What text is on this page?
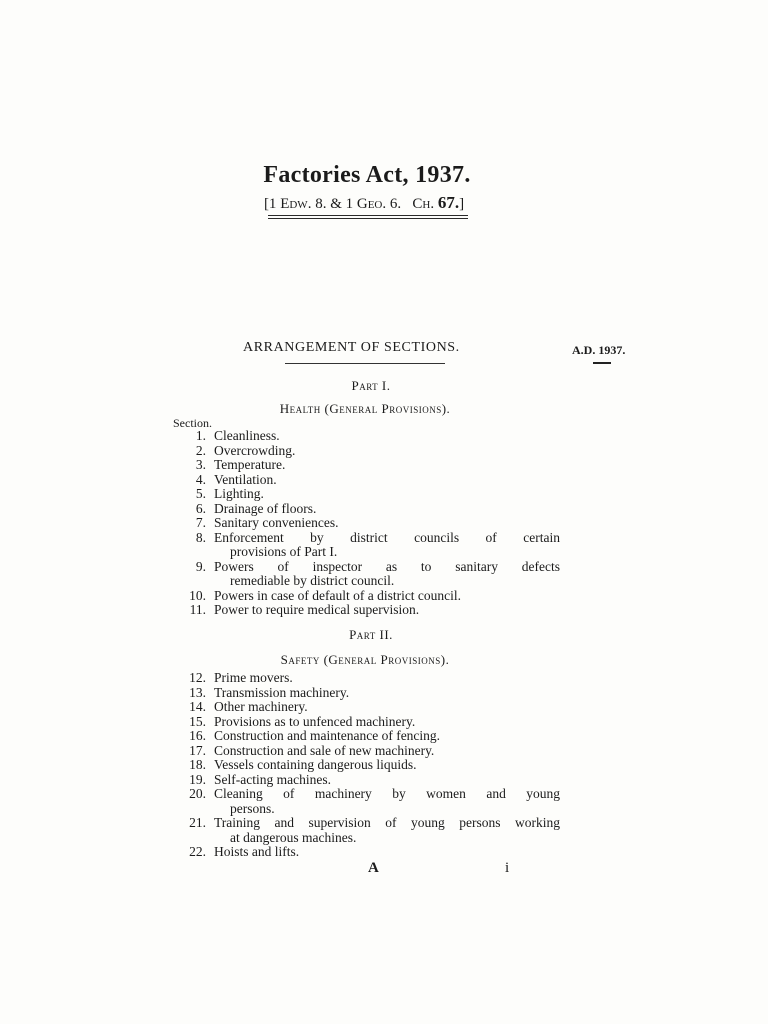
Factories Act, 1937.
[1 Edw. 8. & 1 Geo. 6.   Ch. 67.]
ARRANGEMENT OF SECTIONS.	A.D. 1937.
Part I.
Health (General Provisions).
Section.
1. Cleanliness.
2. Overcrowding.
3. Temperature.
4. Ventilation.
5. Lighting.
6. Drainage of floors.
7. Sanitary conveniences.
8. Enforcement by district councils of certain
provisions of Part I.
9. Powers of inspector as to sanitary defects
remediable by district council.
10. Powers in case of default of a district council.
11. Power to require medical supervision.
Part II.
Safety (General Provisions).
12. Prime movers.
13. Transmission machinery.
14. Other machinery.
15. Provisions as to unfenced machinery.
16. Construction and maintenance of fencing.
17. Construction and sale of new machinery.
18. Vessels containing dangerous liquids.
19. Self-acting machines.
20. Cleaning of machinery by women and young
persons.
21. Training and supervision of young persons working
at dangerous machines.
22. Hoists and lifts.
A	i
